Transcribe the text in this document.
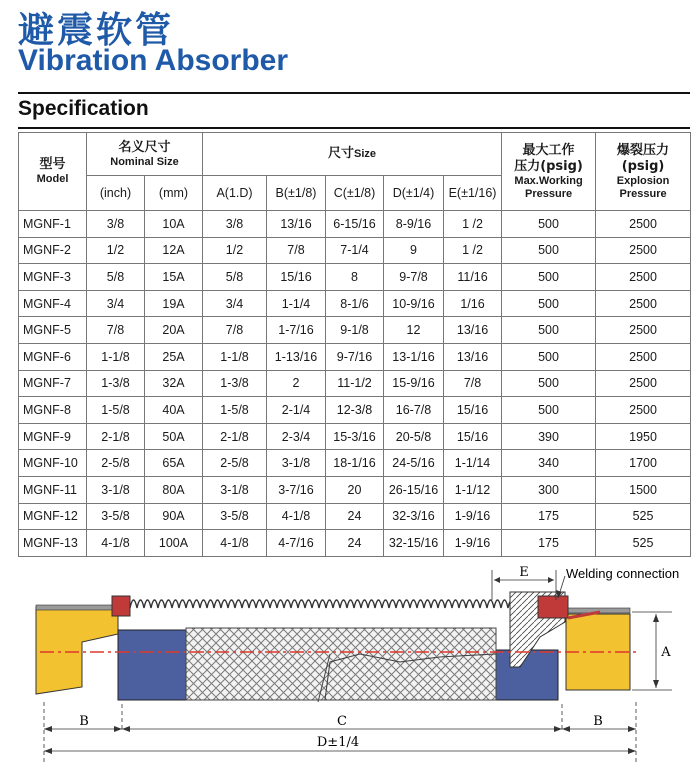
避震软管
Vibration Absorber
Specification
型号
Model	名义尺寸
Nominal Size		尺寸Size					最大工作
压力(psig)
Max.Working
Pressure	爆裂压力
(psig)
Explosion
Pressure

	(inch)	(mm)	A(1.D)	B(±1/8)	C(±1/8)	D(±1/4)	E(±1/16)		
MGNF-1	3/8	10A	3/8	13/16	6-15/16	8-9/16	1 /2	500	2500
MGNF-2	1/2	12A	1/2	7/8	7-1/4	9	1 /2	500	2500
MGNF-3	5/8	15A	5/8	15/16	8	9-7/8	11/16	500	2500
MGNF-4	3/4	19A	3/4	1-1/4	8-1/6	10-9/16	1/16	500	2500
MGNF-5	7/8	20A	7/8	1-7/16	9-1/8	12	13/16	500	2500
MGNF-6	1-1/8	25A	1-1/8	1-13/16	9-7/16	13-1/16	13/16	500	2500
MGNF-7	1-3/8	32A	1-3/8	2	11-1/2	15-9/16	7/8	500	2500
MGNF-8	1-5/8	40A	1-5/8	2-1/4	12-3/8	16-7/8	15/16	500	2500
MGNF-9	2-1/8	50A	2-1/8	2-3/4	15-3/16	20-5/8	15/16	390	1950
MGNF-10	2-5/8	65A	2-5/8	3-1/8	18-1/16	24-5/16	1-1/14	340	1700
MGNF-11	3-1/8	80A	3-1/8	3-7/16	20	26-15/16	1-1/12	300	1500
MGNF-12	3-5/8	90A	3-5/8	4-1/8	24	32-3/16	1-9/16	175	525
MGNF-13	4-1/8	100A	4-1/8	4-7/16	24	32-15/16	1-9/16	175	525
E	Welding connection
A
B	C	B
D±1/4
